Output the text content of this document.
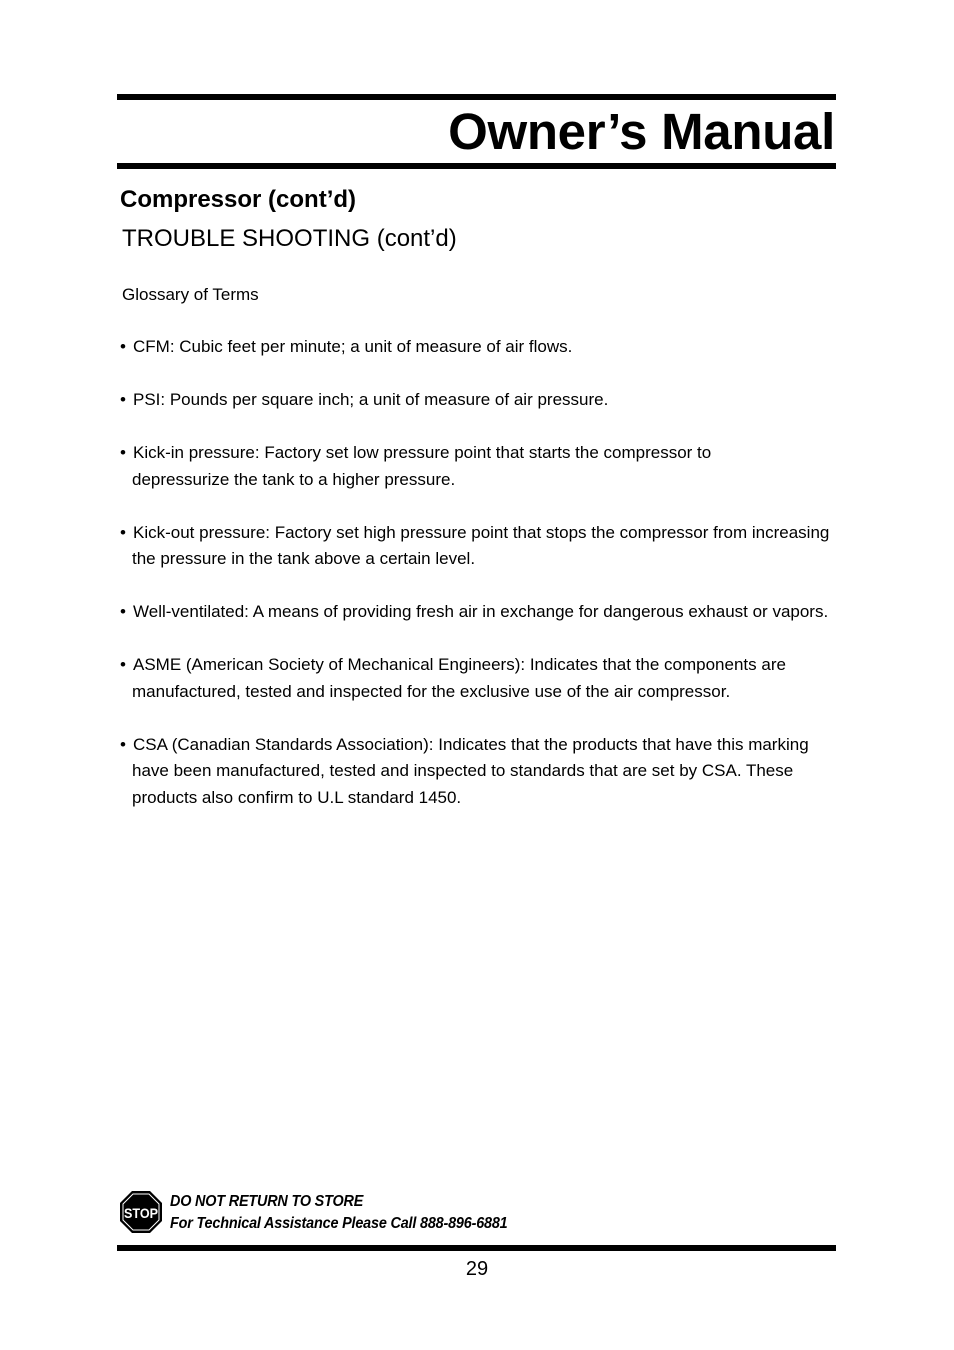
Owner’s Manual
Compressor (cont’d)
TROUBLE SHOOTING (cont’d)
Glossary of Terms
• CFM: Cubic feet per minute; a unit of measure of air flows.
• PSI: Pounds per square inch; a unit of measure of air pressure.
• Kick-in pressure: Factory set low pressure point that starts the compressor to depressurize the tank to a higher pressure.
• Kick-out pressure: Factory set high pressure point that stops the compressor from increasing the pressure in the tank above a certain level.
• Well-ventilated: A means of providing fresh air in exchange for dangerous exhaust or vapors.
• ASME (American Society of Mechanical Engineers): Indicates that the components are manufactured, tested and inspected for the exclusive use of the air compressor.
• CSA (Canadian Standards Association): Indicates that the products that have this marking have been manufactured, tested and inspected to standards that are set by CSA. These products also confirm to U.L standard 1450.
STOP
DO NOT RETURN TO STORE
For Technical Assistance Please Call 888-896-6881
29
